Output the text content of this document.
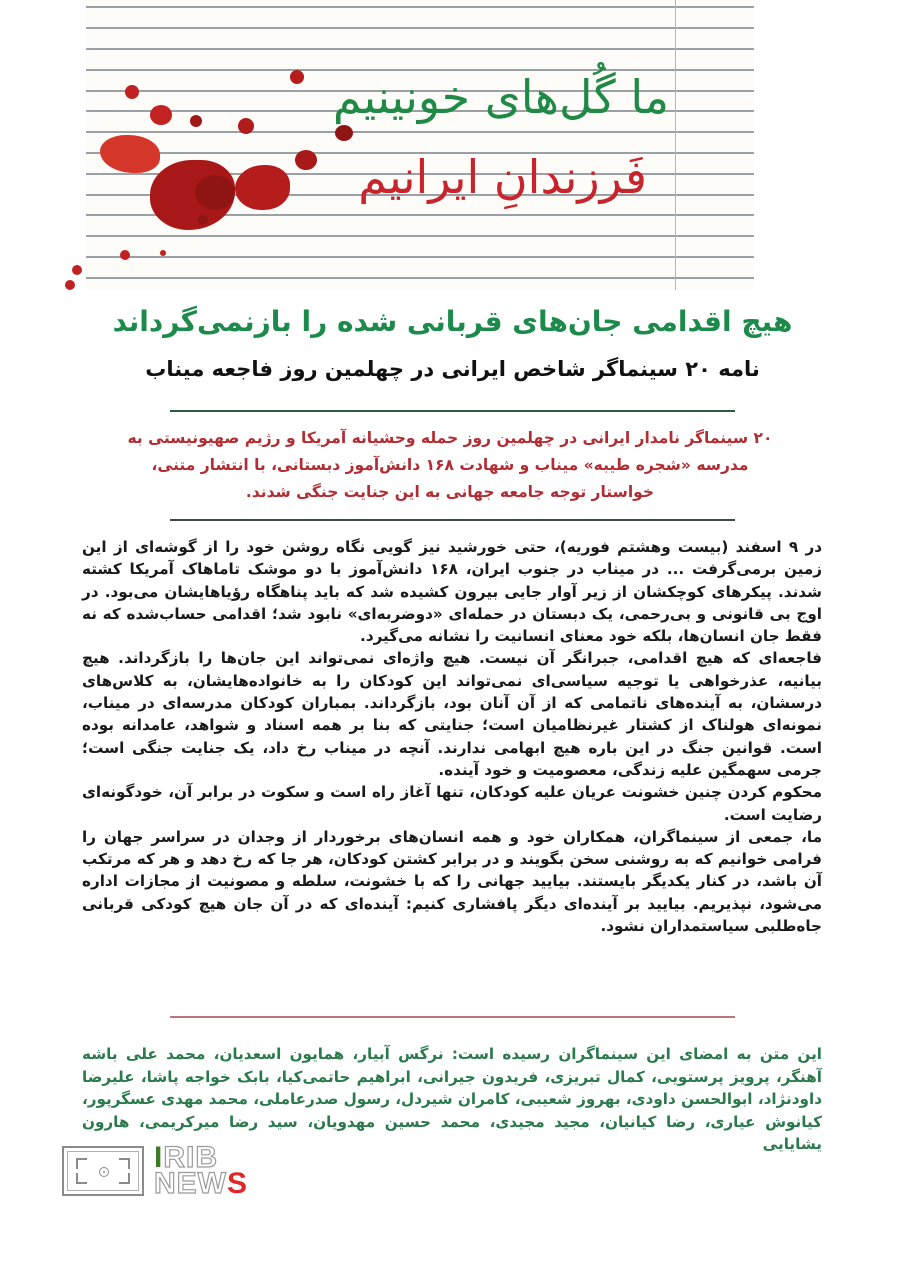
ما گُل‌های خونینیم
فَرزندانِ ایرانیم
هیچ اقدامی جان‌های قربانی شده را بازنمی‌گرداند
نامه ۲۰ سینماگر شاخص ایرانی در چهلمین روز فاجعه میناب
۲۰ سینماگر نامدار ایرانی در چهلمین روز حمله وحشیانه آمریکا و رژیم صهیونیستی به مدرسه «شجره طیبه» میناب و شهادت ۱۶۸ دانش‌آموز دبستانی، با انتشار متنی، خواستار توجه جامعه جهانی به این جنایت جنگی شدند.

در ۹ اسفند (بیست وهشتم فوریه)، حتی خورشید نیز گویی نگاه روشن خود را از گوشه‌ای از این زمین برمی‌گرفت ... در میناب در جنوب ایران، ۱۶۸ دانش‌آموز با دو موشک تاماهاک آمریکا کشته شدند. پیکرهای کوچکشان از زیر آوار جایی بیرون کشیده شد که باید پناهگاه رؤیاهایشان می‌بود. در اوج بی قانونی و بی‌رحمی، یک دبستان در حمله‌ای «دوضربه‌ای» نابود شد؛ اقدامی حساب‌شده که نه فقط جان انسان‌ها، بلکه خود معنای انسانیت را نشانه می‌گیرد.

فاجعه‌ای که هیچ اقدامی، جبرانگر آن نیست. هیچ واژه‌ای نمی‌تواند این جان‌ها را بازگرداند. هیچ بیانیه، عذرخواهی یا توجیه سیاسی‌ای نمی‌تواند این کودکان را به خانواده‌هایشان، به کلاس‌های درسشان، به آینده‌های ناتمامی که از آن آنان بود، بازگرداند. بمباران کودکان مدرسه‌ای در میناب، نمونه‌ای هولناک از کشتار غیرنظامیان است؛ جنایتی که بنا بر همه اسناد و شواهد، عامدانه بوده است. قوانین جنگ در این باره هیچ ابهامی ندارند. آنچه در میناب رخ داد، یک جنایت جنگی است؛ جرمی سهمگین علیه زندگی، معصومیت و خود آینده.

محکوم کردن چنین خشونت عریان علیه کودکان، تنها آغاز راه است و سکوت در برابر آن، خودگونه‌ای رضایت است.

ما، جمعی از سینماگران، همکاران خود و همه انسان‌های برخوردار از وجدان در سراسر جهان را فرامی خوانیم که به روشنی سخن بگویند و در برابر کشتن کودکان، هر جا که رخ دهد و هر که مرتکب آن باشد، در کنار یکدیگر بایستند. بیایید جهانی را که با خشونت، سلطه و مصونیت از مجازات اداره می‌شود، نپذیریم. بیایید بر آینده‌ای دیگر پافشاری کنیم: آینده‌ای که در آن جان هیچ کودکی قربانی جاه‌طلبی سیاستمداران نشود.

این متن به امضای این سینماگران رسیده است: نرگس آبیار، همایون اسعدیان، محمد علی باشه آهنگر، پرویز پرستویی، کمال تبریزی، فریدون جیرانی، ابراهیم حاتمی‌کیا، بابک خواجه پاشا، علیرضا داودنژاد، ابوالحسن داودی، بهروز شعیبی، کامران شیردل، رسول صدرعاملی، محمد مهدی عسگرپور، کیانوش عیاری، رضا کیانیان، مجید مجیدی، محمد حسین مهدویان، سید رضا میرکریمی، هارون یشایایی
IRIB
NEWS
